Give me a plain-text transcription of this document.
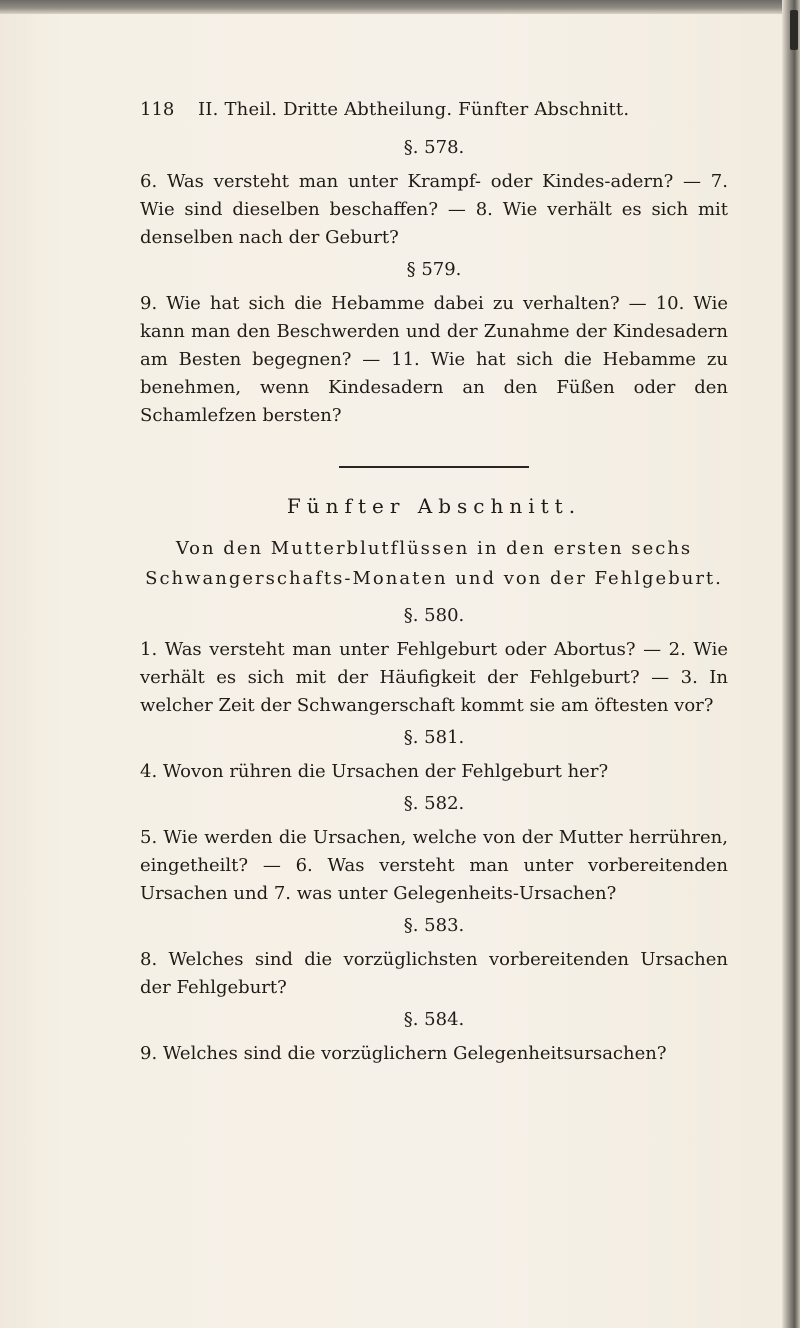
118	II. Theil. Dritte Abtheilung. Fünfter Abschnitt.
§. 578.

6. Was versteht man unter Krampf- oder Kindes-adern? — 7. Wie sind dieselben beschaffen? — 8. Wie verhält es sich mit denselben nach der Geburt?

§ 579.

9. Wie hat sich die Hebamme dabei zu verhalten? — 10. Wie kann man den Beschwerden und der Zunahme der Kindesadern am Besten begegnen? — 11. Wie hat sich die Hebamme zu benehmen, wenn Kindesadern an den Füßen oder den Schamlefzen bersten?

Fünfter Abschnitt.
Von den Mutterblutflüssen in den ersten sechs Schwangerschafts-Monaten und von der Fehlgeburt.
§. 580.

1. Was versteht man unter Fehlgeburt oder Abortus? — 2. Wie verhält es sich mit der Häufigkeit der Fehlgeburt? — 3. In welcher Zeit der Schwangerschaft kommt sie am öftesten vor?

§. 581.

4. Wovon rühren die Ursachen der Fehlgeburt her?

§. 582.

5. Wie werden die Ursachen, welche von der Mutter herrühren, eingetheilt? — 6. Was versteht man unter vorbereitenden Ursachen und 7. was unter Gelegenheits-Ursachen?

§. 583.

8. Welches sind die vorzüglichsten vorbereitenden Ursachen der Fehlgeburt?

§. 584.

9. Welches sind die vorzüglichern Gelegenheitsursachen?
